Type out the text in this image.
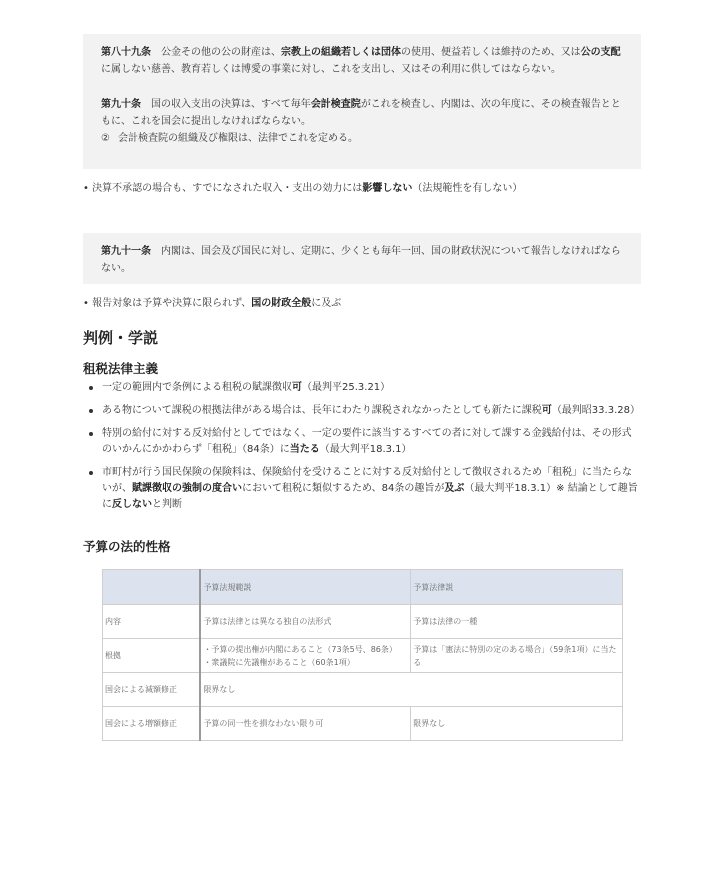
第八十九条 公金その他の公の財産は、宗教上の組織若しくは団体の使用、便益若しくは維持のため、又は公の支配に属しない慈善、教育若しくは博愛の事業に対し、これを支出し、又はその利用に供してはならない。

第九十条 国の収入支出の決算は、すべて毎年会計検査院がこれを検査し、内閣は、次の年度に、その検査報告とともに、これを国会に提出しなければならない。

② 会計検査院の組織及び権限は、法律でこれを定める。

• 決算不承認の場合も、すでになされた収入・支出の効力には影響しない（法規範性を有しない）

第九十一条 内閣は、国会及び国民に対し、定期に、少くとも毎年一回、国の財政状況について報告しなければならない。

• 報告対象は予算や決算に限られず、国の財政全般に及ぶ
判例・学説
租税法律主義
一定の範囲内で条例による租税の賦課徴収可（最判平25.3.21）
ある物について課税の根拠法律がある場合は、長年にわたり課税されなかったとしても新たに課税可（最判昭33.3.28）
特別の給付に対する反対給付としてではなく、一定の要件に該当するすべての者に対して課する金銭給付は、その形式のいかんにかかわらず「租税」（84条）に当たる（最大判平18.3.1）
市町村が行う国民保険の保険料は、保険給付を受けることに対する反対給付として徴収されるため「租税」に当たらないが、賦課徴収の強制の度合いにおいて租税に類似するため、84条の趣旨が及ぶ（最大判平18.3.1）※ 結論として趣旨に反しないと判断
予算の法的性格
	予算法規範説	予算法律説
内容	予算は法律とは異なる独自の法形式	予算は法律の一種
根拠	・予算の提出権が内閣にあること（73条5号、86条）
・衆議院に先議権があること（60条1項）	予算は「憲法に特別の定のある場合」（59条1項）に当たる
国会による減額修正	限界なし	
国会による増額修正	予算の同一性を損なわない限り可	限界なし
